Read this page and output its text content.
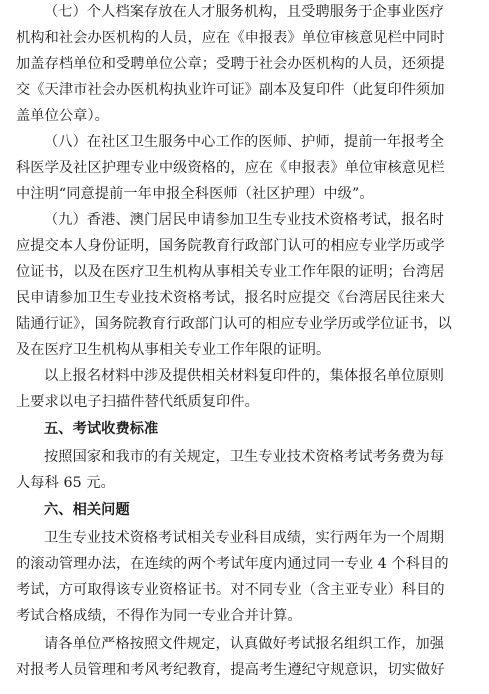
（七）个人档案存放在人才服务机构，且受聘服务于企事业医疗
机构和社会办医机构的人员，应在《申报表》单位审核意见栏中同时
加盖存档单位和受聘单位公章；受聘于社会办医机构的人员，还须提
交《天津市社会办医机构执业许可证》副本及复印件（此复印件须加
盖单位公章）。
（八）在社区卫生服务中心工作的医师、护师，提前一年报考全
科医学及社区护理专业中级资格的，应在《申报表》单位审核意见栏
中注明“同意提前一年申报全科医师（社区护理）中级”。
（九）香港、澳门居民申请参加卫生专业技术资格考试，报名时
应提交本人身份证明，国务院教育行政部门认可的相应专业学历或学
位证书，以及在医疗卫生机构从事相关专业工作年限的证明；台湾居
民申请参加卫生专业技术资格考试，报名时应提交《台湾居民往来大
陆通行证》，国务院教育行政部门认可的相应专业学历或学位证书，以
及在医疗卫生机构从事相关专业工作年限的证明。
以上报名材料中涉及提供相关材料复印件的，集体报名单位原则
上要求以电子扫描件替代纸质复印件。
五、考试收费标准
按照国家和我市的有关规定，卫生专业技术资格考试考务费为每
人每科 65 元。
六、相关问题
卫生专业技术资格考试相关专业科目成绩，实行两年为一个周期
的滚动管理办法，在连续的两个考试年度内通过同一专业 4 个科目的
考试，方可取得该专业资格证书。对不同专业（含主亚专业）科目的
考试合格成绩，不得作为同一专业合并计算。
请各单位严格按照文件规定，认真做好考试报名组织工作，加强
对报考人员管理和考风考纪教育，提高考生遵纪守规意识，切实做好
